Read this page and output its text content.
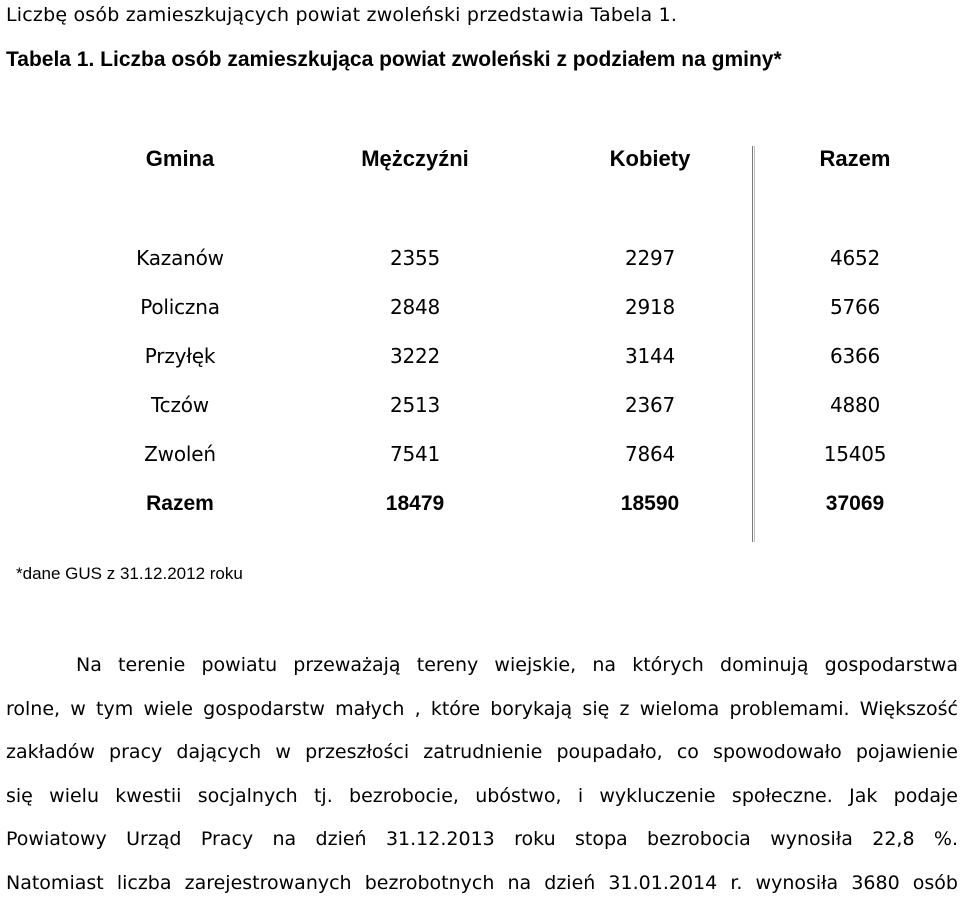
Liczbę osób zamieszkujących powiat zwoleński przedstawia Tabela 1.
Tabela 1. Liczba osób zamieszkująca powiat zwoleński z podziałem na gminy*
Gmina	Mężczyźni	Kobiety	Razem
Kazanów	2355	2297	4652
Policzna	2848	2918	5766
Przyłęk	3222	3144	6366
Tczów	2513	2367	4880
Zwoleń	7541	7864	15405
Razem	18479	18590	37069
*dane GUS z 31.12.2012 roku
Na terenie powiatu przeważają tereny wiejskie, na których dominują gospodarstwa
rolne, w tym wiele gospodarstw małych , które borykają się z wieloma problemami. Większość
zakładów pracy dających w przeszłości zatrudnienie poupadało, co spowodowało pojawienie
się wielu kwestii socjalnych tj. bezrobocie, ubóstwo, i wykluczenie społeczne. Jak podaje
Powiatowy Urząd Pracy na dzień 31.12.2013 roku stopa bezrobocia wynosiła 22,8 %.
Natomiast liczba zarejestrowanych bezrobotnych na dzień 31.01.2014 r. wynosiła 3680 osób
